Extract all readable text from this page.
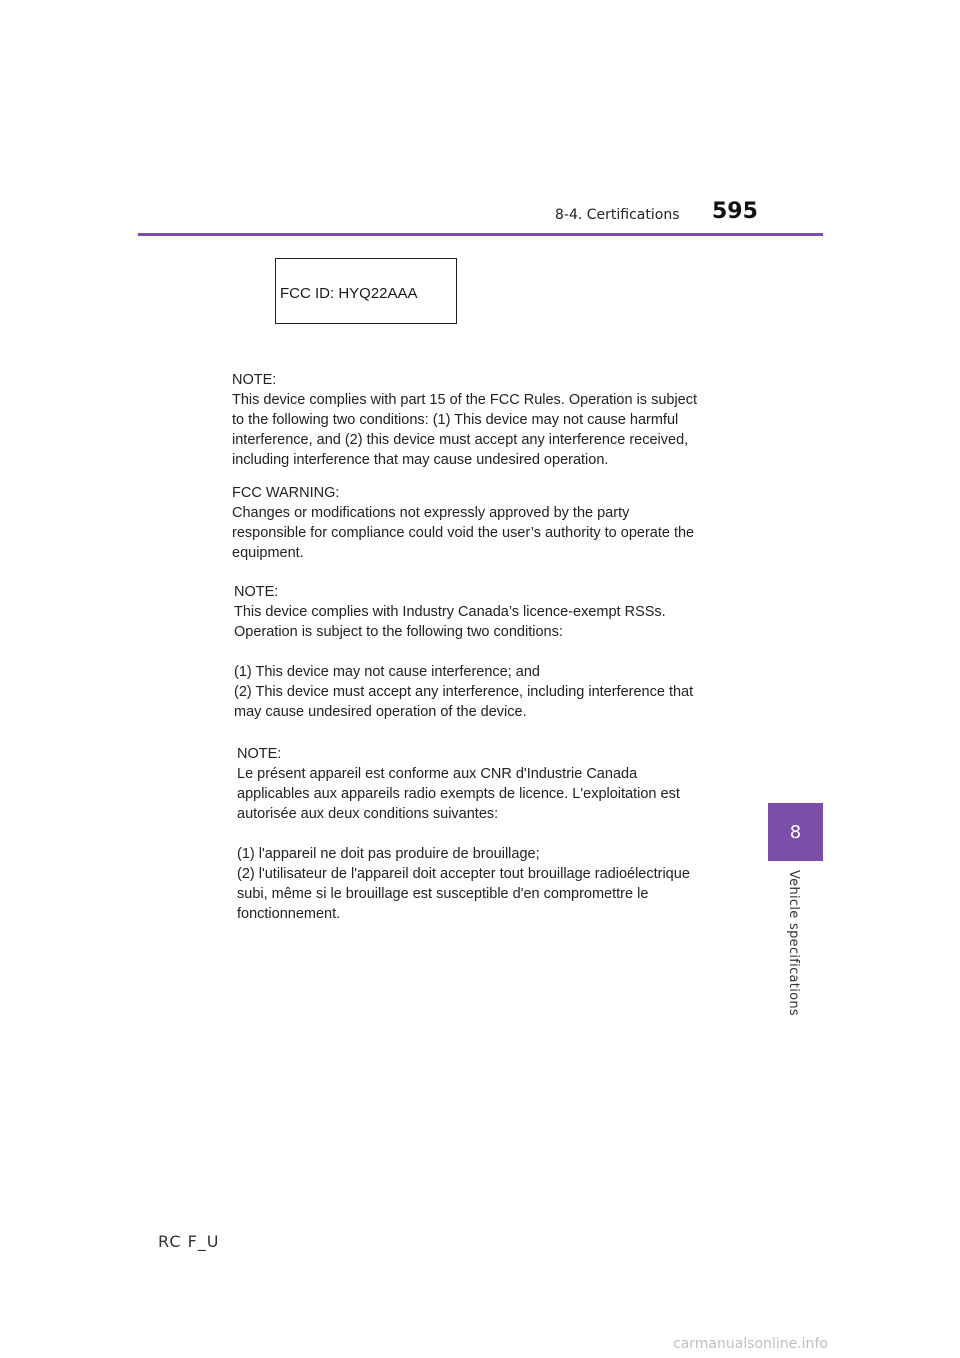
8-4. Certifications 595
FCC ID: HYQ22AAA

NOTE:

This device complies with part 15 of the FCC Rules. Operation is subject

to the following two conditions: (1) This device may not cause harmful

interference, and (2) this device must accept any interference received,

including interference that may cause undesired operation.

FCC WARNING:

Changes or modifications not expressly approved by the party

responsible for compliance could void the user’s authority to operate the

equipment.

NOTE:

This device complies with Industry Canada’s licence-exempt RSSs.

Operation is subject to the following two conditions:

(1) This device may not cause interference; and

(2) This device must accept any interference, including interference that

may cause undesired operation of the device.

NOTE:

Le présent appareil est conforme aux CNR d'Industrie Canada

applicables aux appareils radio exempts de licence. L'exploitation est

autorisée aux deux conditions suivantes:

(1) l'appareil ne doit pas produire de brouillage;

(2) l'utilisateur de l'appareil doit accepter tout brouillage radioélectrique

subi, même si le brouillage est susceptible d'en compromettre le

fonctionnement.

8
Vehicle specifications
RC F_U
carmanualsonline.info
